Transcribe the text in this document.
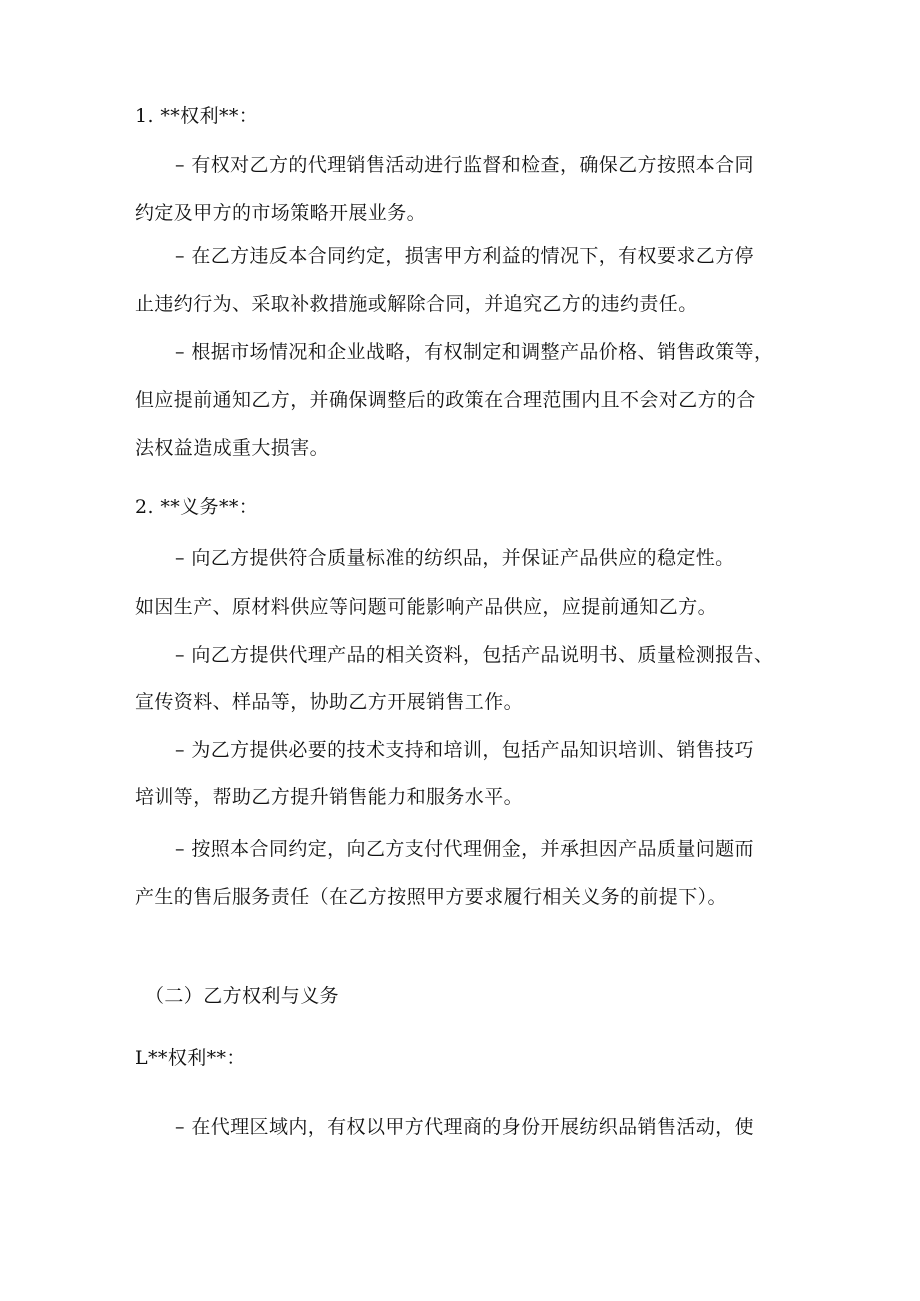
1. **权利**：
– 有权对乙方的代理销售活动进行监督和检查，确保乙方按照本合同
约定及甲方的市场策略开展业务。
– 在乙方违反本合同约定，损害甲方利益的情况下，有权要求乙方停
止违约行为、采取补救措施或解除合同，并追究乙方的违约责任。
– 根据市场情况和企业战略，有权制定和调整产品价格、销售政策等，
但应提前通知乙方，并确保调整后的政策在合理范围内且不会对乙方的合
法权益造成重大损害。
2. **义务**：
– 向乙方提供符合质量标准的纺织品，并保证产品供应的稳定性。
如因生产、原材料供应等问题可能影响产品供应，应提前通知乙方。
– 向乙方提供代理产品的相关资料，包括产品说明书、质量检测报告、
宣传资料、样品等，协助乙方开展销售工作。
– 为乙方提供必要的技术支持和培训，包括产品知识培训、销售技巧
培训等，帮助乙方提升销售能力和服务水平。
– 按照本合同约定，向乙方支付代理佣金，并承担因产品质量问题而
产生的售后服务责任（在乙方按照甲方要求履行相关义务的前提下）。
（二）乙方权利与义务
L**权利**：
– 在代理区域内，有权以甲方代理商的身份开展纺织品销售活动，使
